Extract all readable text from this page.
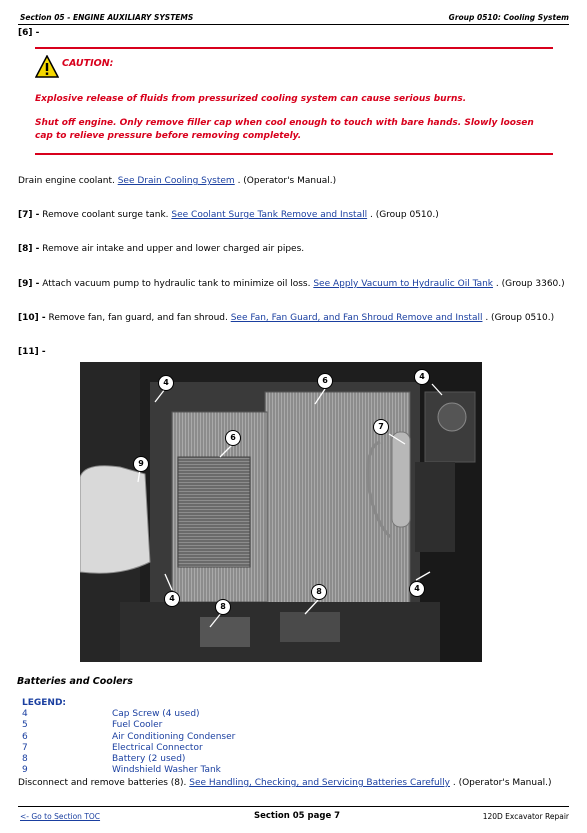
Section 05 - ENGINE AUXILIARY SYSTEMS	Group 0510: Cooling System
[6] -
CAUTION:
Explosive release of fluids from pressurized cooling system can cause serious burns.
Shut off engine. Only remove filler cap when cool enough to touch with bare hands. Slowly loosen cap to relieve pressure before removing completely.
Drain engine coolant. See Drain Cooling System . (Operator's Manual.)
[7] - Remove coolant surge tank. See Coolant Surge Tank Remove and Install . (Group 0510.)
[8] - Remove air intake and upper and lower charged air pipes.
[9] - Attach vacuum pump to hydraulic tank to minimize oil loss. See Apply Vacuum to Hydraulic Oil Tank . (Group 3360.)
[10] - Remove fan, fan guard, and fan shroud. See Fan, Fan Guard, and Fan Shroud Remove and Install . (Group 0510.)
[11] -
4	6	4
6
7
9
4
8
8	4
Batteries and Coolers
LEGEND:
4	Cap Screw (4 used)
5	Fuel Cooler
6	Air Conditioning Condenser
7	Electrical Connector
8	Battery (2 used)
9	Windshield Washer Tank
Disconnect and remove batteries (8). See Handling, Checking, and Servicing Batteries Carefully . (Operator's Manual.)
<- Go to Section TOC	Section 05 page 7	120D Excavator Repair
